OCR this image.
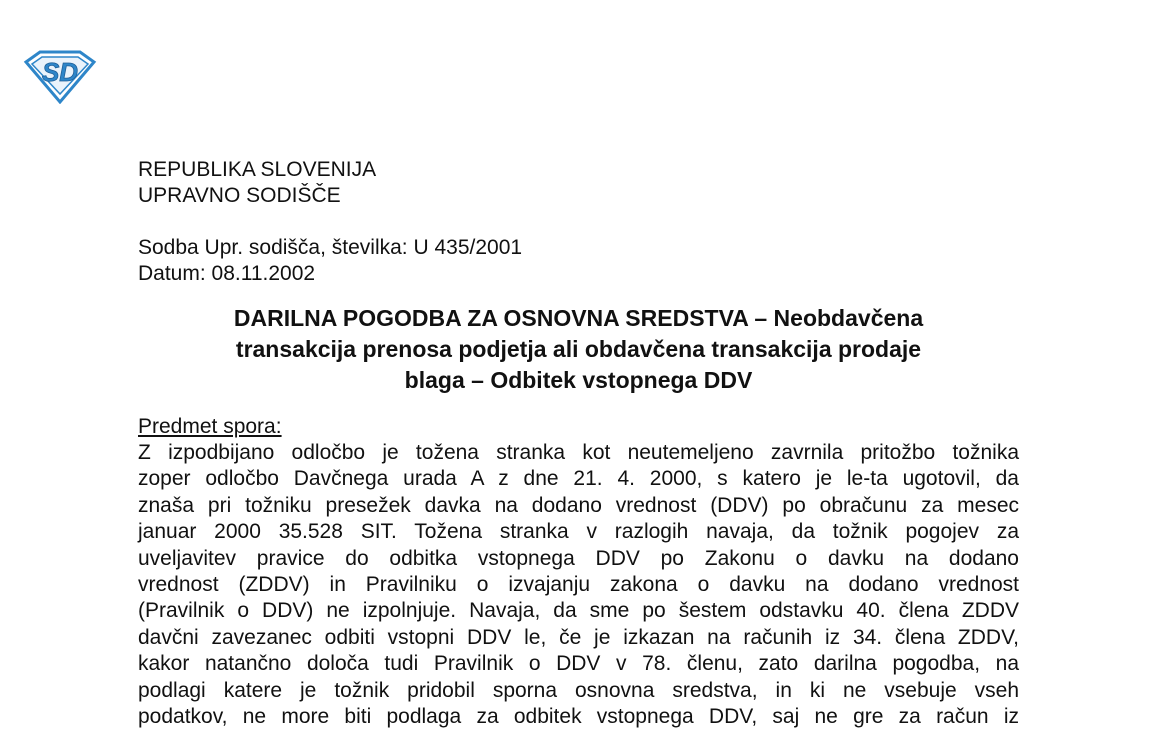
SD
REPUBLIKA SLOVENIJA
UPRAVNO SODIŠČE
Sodba Upr. sodišča, številka: U 435/2001
Datum: 08.11.2002
DARILNA POGODBA ZA OSNOVNA SREDSTVA – Neobdavčena
transakcija prenosa podjetja ali obdavčena transakcija prodaje
blaga – Odbitek vstopnega DDV
Predmet spora:
Z izpodbijano odločbo je tožena stranka kot neutemeljeno zavrnila pritožbo tožnika
zoper odločbo Davčnega urada A z dne 21. 4. 2000, s katero je le-ta ugotovil, da
znaša pri tožniku presežek davka na dodano vrednost (DDV) po obračunu za mesec
januar 2000 35.528 SIT. Tožena stranka v razlogih navaja, da tožnik pogojev za
uveljavitev pravice do odbitka vstopnega DDV po Zakonu o davku na dodano
vrednost (ZDDV) in Pravilniku o izvajanju zakona o davku na dodano vrednost
(Pravilnik o DDV) ne izpolnjuje. Navaja, da sme po šestem odstavku 40. člena ZDDV
davčni zavezanec odbiti vstopni DDV le, če je izkazan na računih iz 34. člena ZDDV,
kakor natančno določa tudi Pravilnik o DDV v 78. členu, zato darilna pogodba, na
podlagi katere je tožnik pridobil sporna osnovna sredstva, in ki ne vsebuje vseh
podatkov, ne more biti podlaga za odbitek vstopnega DDV, saj ne gre za račun iz
